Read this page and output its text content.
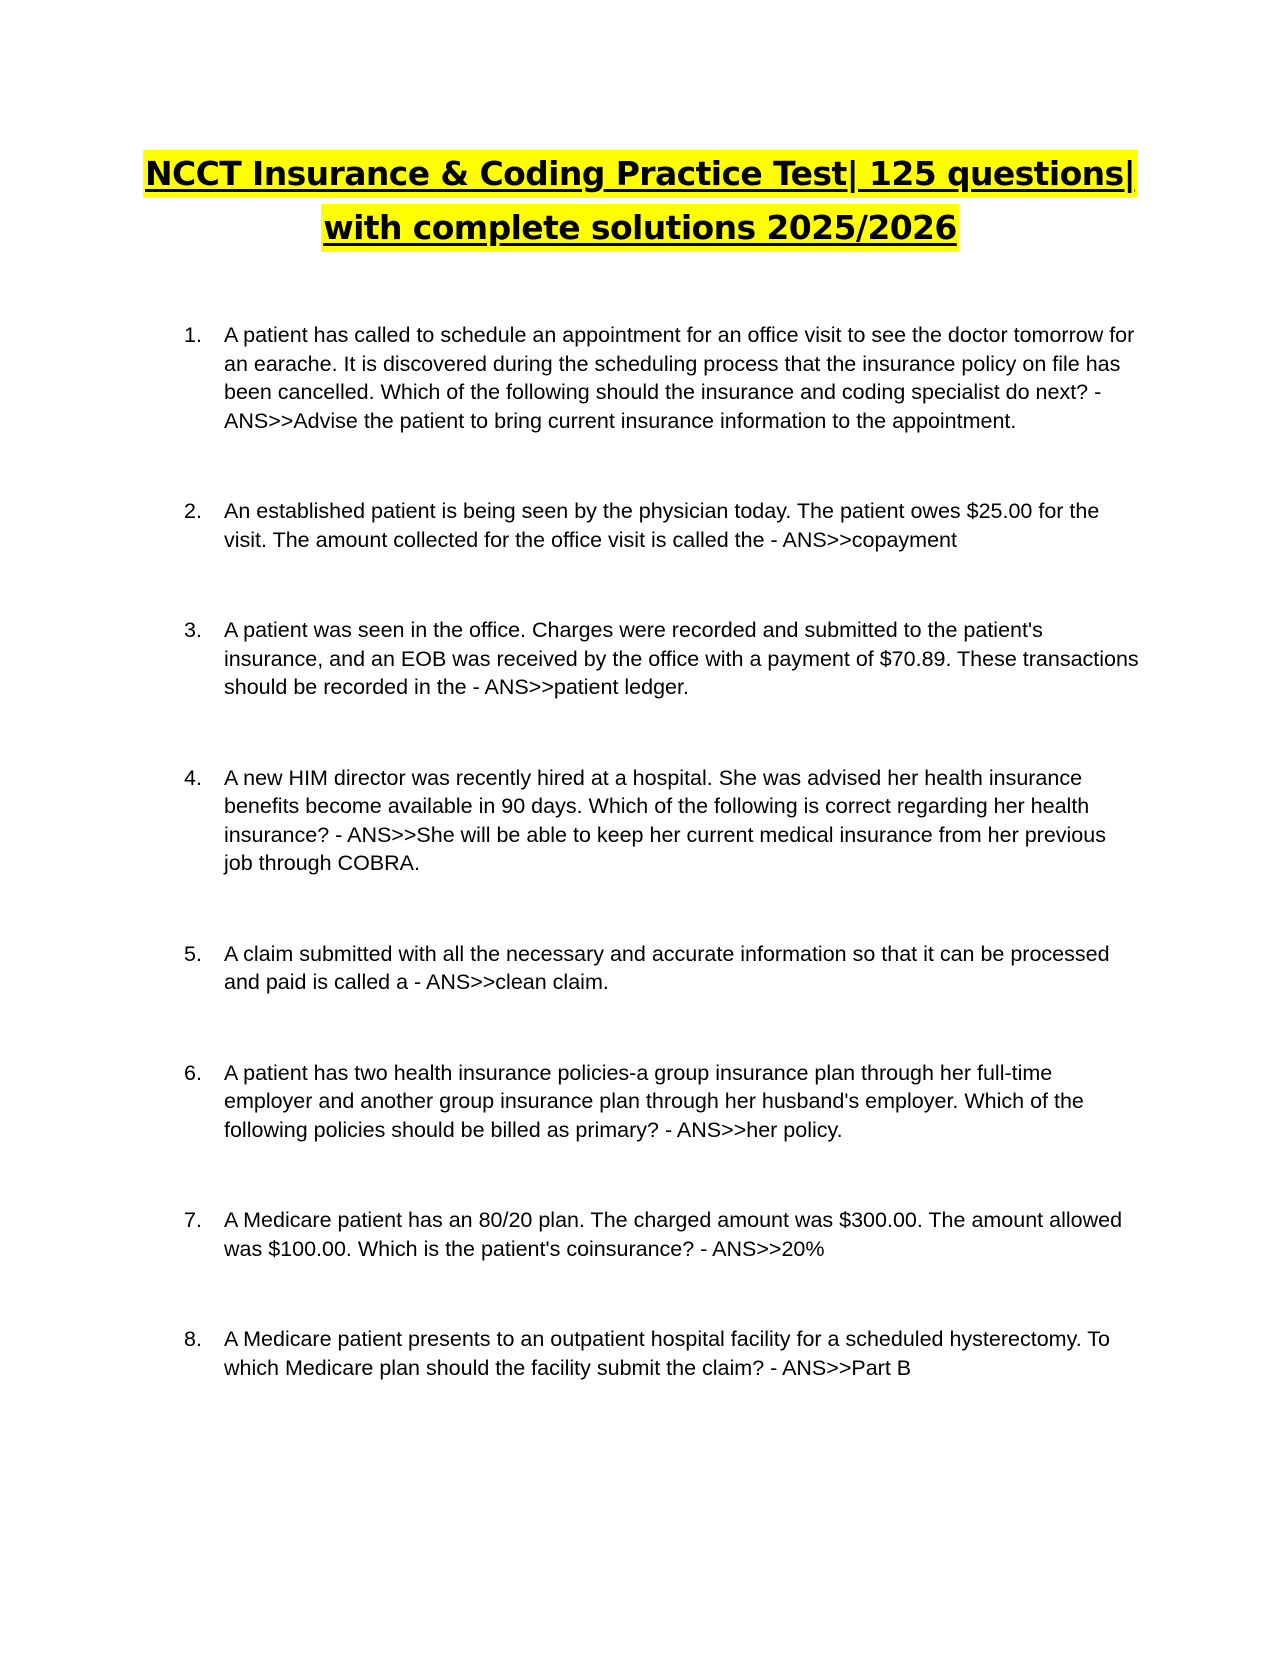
NCCT Insurance & Coding Practice Test| 125 questions|
with complete solutions 2025/2026
1.	A patient has called to schedule an appointment for an office visit to see the doctor tomorrow for an earache. It is discovered during the scheduling process that the insurance policy on file has been cancelled. Which of the following should the insurance and coding specialist do next? - ANS>>Advise the patient to bring current insurance information to the appointment.
2.	An established patient is being seen by the physician today. The patient owes $25.00 for the visit. The amount collected for the office visit is called the - ANS>>copayment
3.	A patient was seen in the office. Charges were recorded and submitted to the patient's insurance, and an EOB was received by the office with a payment of $70.89. These transactions should be recorded in the - ANS>>patient ledger.
4.	A new HIM director was recently hired at a hospital. She was advised her health insurance benefits become available in 90 days. Which of the following is correct regarding her health insurance? - ANS>>She will be able to keep her current medical insurance from her previous job through COBRA.
5.	A claim submitted with all the necessary and accurate information so that it can be processed and paid is called a - ANS>>clean claim.
6.	A patient has two health insurance policies-a group insurance plan through her full-time employer and another group insurance plan through her husband's employer. Which of the following policies should be billed as primary? - ANS>>her policy.
7.	A Medicare patient has an 80/20 plan. The charged amount was $300.00. The amount allowed was $100.00. Which is the patient's coinsurance? - ANS>>20%
8.	A Medicare patient presents to an outpatient hospital facility for a scheduled hysterectomy. To which Medicare plan should the facility submit the claim? - ANS>>Part B
